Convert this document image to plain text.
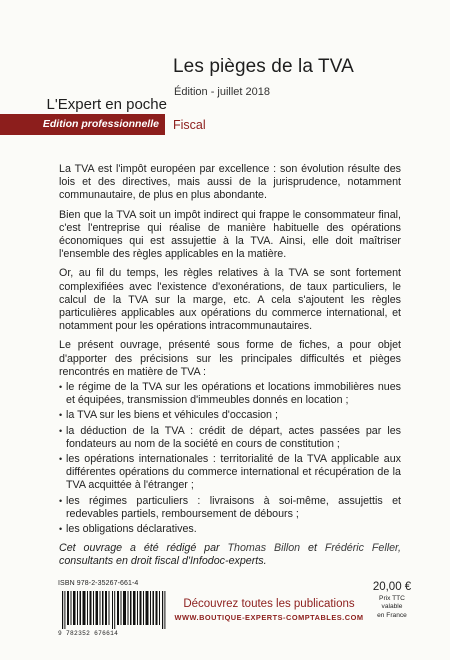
Les pièges de la TVA
Édition - juillet 2018
L'Expert en poche
Edition professionnelle Fiscal

La TVA est l'impôt européen par excellence : son évolution résulte des lois et des directives, mais aussi de la jurisprudence, notamment communautaire, de plus en plus abondante.

Bien que la TVA soit un impôt indirect qui frappe le consommateur final, c'est l'entreprise qui réalise de manière habituelle des opérations économiques qui est assujettie à la TVA. Ainsi, elle doit maîtriser l'ensemble des règles applicables en la matière.

Or, au fil du temps, les règles relatives à la TVA se sont fortement complexifiées avec l'existence d'exonérations, de taux particuliers, le calcul de la TVA sur la marge, etc. A cela s'ajoutent les règles particulières applicables aux opérations du commerce international, et notamment pour les opérations intracommunautaires.

Le présent ouvrage, présenté sous forme de fiches, a pour objet d'apporter des précisions sur les principales difficultés et pièges rencontrés en matière de TVA :

• le régime de la TVA sur les opérations et locations immobilières nues et équipées, transmission d'immeubles donnés en location ;
• la TVA sur les biens et véhicules d'occasion ;
• la déduction de la TVA : crédit de départ, actes passées par les fondateurs au nom de la société en cours de constitution ;
• les opérations internationales : territorialité de la TVA applicable aux différentes opérations du commerce international et récupération de la TVA acquittée à l'étranger ;
• les régimes particuliers : livraisons à soi-même, assujettis et redevables partiels, remboursement de débours ;
• les obligations déclaratives.

Cet ouvrage a été rédigé par Thomas Billon et Frédéric Feller, consultants en droit fiscal d'Infodoc-experts.

ISBN 978-2-35267-661-4
9 782352 676614
Découvrez toutes les publications
WWW.BOUTIQUE-EXPERTS-COMPTABLES.COM
20,00 €
Prix TTC
valable
en France
